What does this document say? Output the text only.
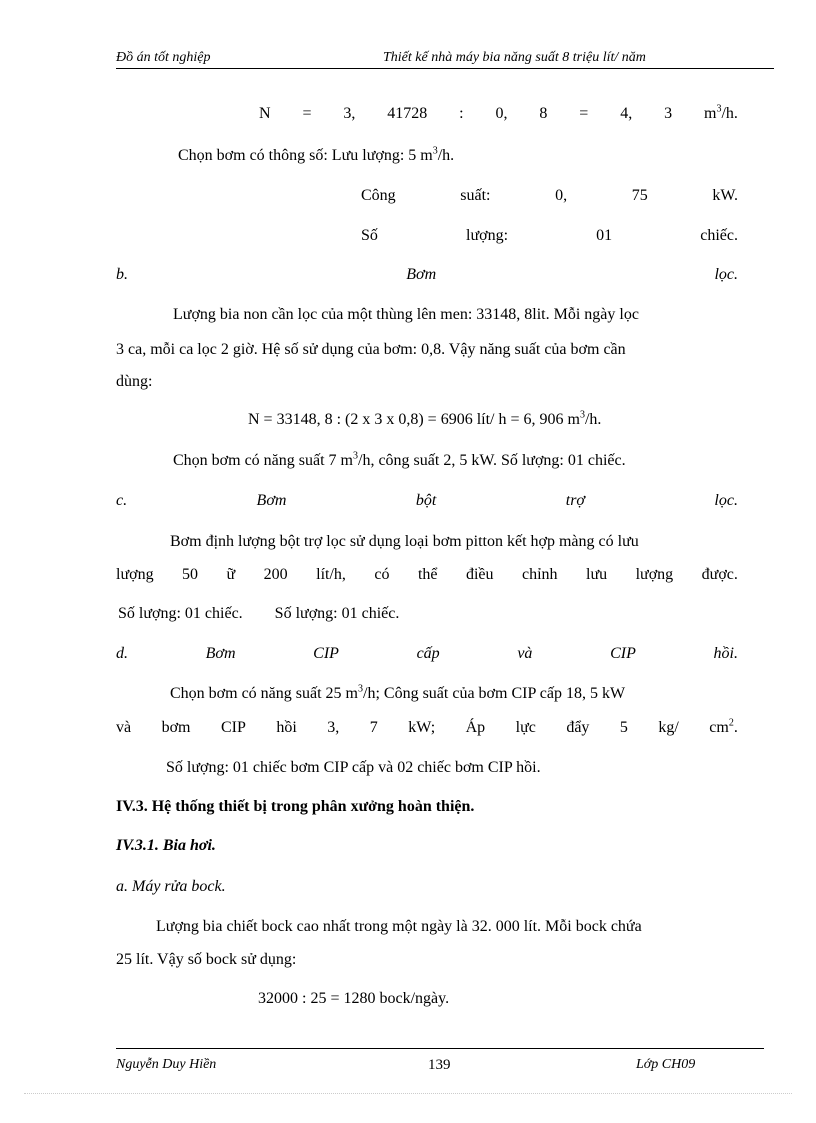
Đồ án tốt nghiệp	Thiết kế nhà máy bia năng suất 8 triệu lít/ năm
N = 3, 41728 : 0, 8 = 4, 3 $m^3/h$.
Chọn bơm có thông số: Lưu lượng: 5 $m^3/h$.
Công	suất:	0,	75	kW.
Số	lượng:	01	chiếc.
b.	Bơm	lọc.
Lượng bia non cần lọc của một thùng lên men: 33148, 8lit. Mỗi ngày lọc
3 ca, mỗi ca lọc 2 giờ. Hệ số sử dụng của bơm: 0,8. Vậy năng suất của bơm cần
dùng:
N = 33148, 8 : (2 x 3 x 0,8) = 6906 lít/ h = 6, 906 $m^3/h$.
Chọn bơm có năng suất 7 $m^3/h$, công suất 2, 5 kW. Số lượng: 01 chiếc.
c.	Bơm	bột	trợ	lọc.
Bơm định lượng bột trợ lọc sử dụng loại bơm pitton kết hợp màng có lưu
lượng 50 ữ 200 lít/h, có thể điều chỉnh lưu lượng được.
Số lượng: 01 chiếc.        Số lượng: 01 chiếc.
d.	Bơm	CIP	cấp	và	CIP	hồi.
Chọn bơm có năng suất 25 $m^3/h$; Công suất của bơm CIP cấp 18, 5 kW
và bơm CIP hồi 3, 7 kW; Áp lực đẩy 5 kg/ $cm^2$.
Số lượng: 01 chiếc bơm CIP cấp và 02 chiếc bơm CIP hồi.
IV.3. Hệ thống thiết bị trong phân xưởng hoàn thiện.
IV.3.1. Bia hơi.
a. Máy rửa bock.
Lượng bia chiết bock cao nhất trong một ngày là 32. 000 lít. Mỗi bock chứa
25 lít. Vậy số bock sử dụng:
32000 : 25 = 1280 bock/ngày.
Nguyễn Duy Hiền	139	Lớp CH09
